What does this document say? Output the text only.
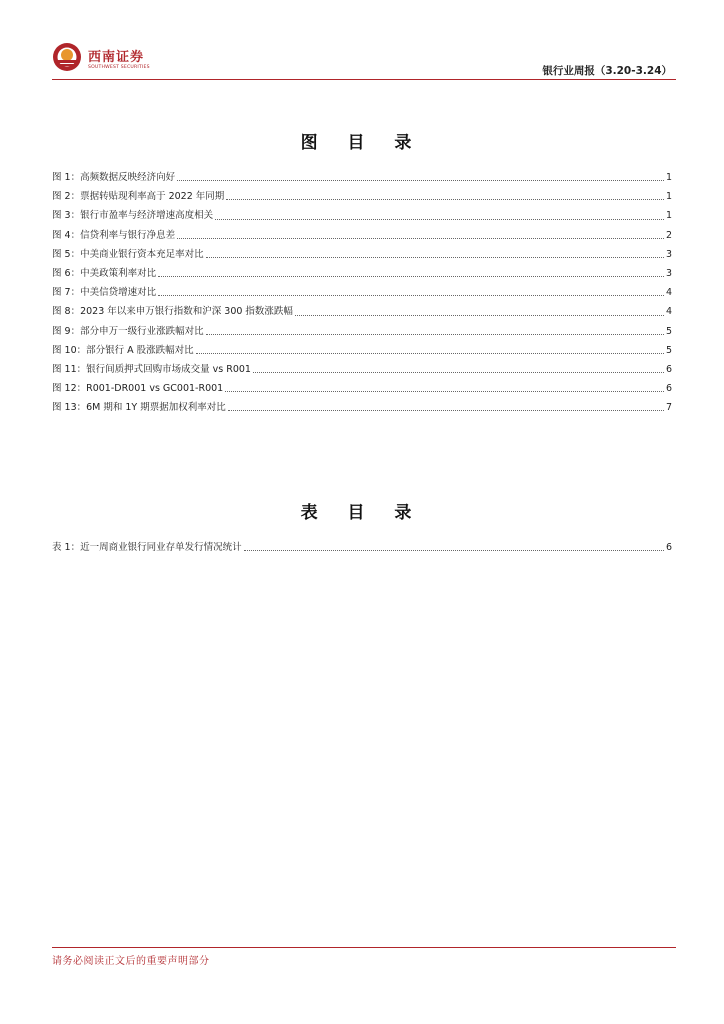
西南证券
SOUTHWEST SECURITIES	银行业周报（3.20-3.24）
图 目 录
图 1：高频数据反映经济向好	1
图 2：票据转贴现利率高于 2022 年同期	1
图 3：银行市盈率与经济增速高度相关	1
图 4：信贷利率与银行净息差	2
图 5：中美商业银行资本充足率对比	3
图 6：中美政策利率对比	3
图 7：中美信贷增速对比	4
图 8：2023 年以来申万银行指数和沪深 300 指数涨跌幅	4
图 9：部分申万一级行业涨跌幅对比	5
图 10：部分银行 A 股涨跌幅对比	5
图 11：银行间质押式回购市场成交量 vs R001	6
图 12：R001-DR001 vs GC001-R001	6
图 13：6M 期和 1Y 期票据加权利率对比	7
表 目 录
表 1：近一周商业银行同业存单发行情况统计	6
请务必阅读正文后的重要声明部分
